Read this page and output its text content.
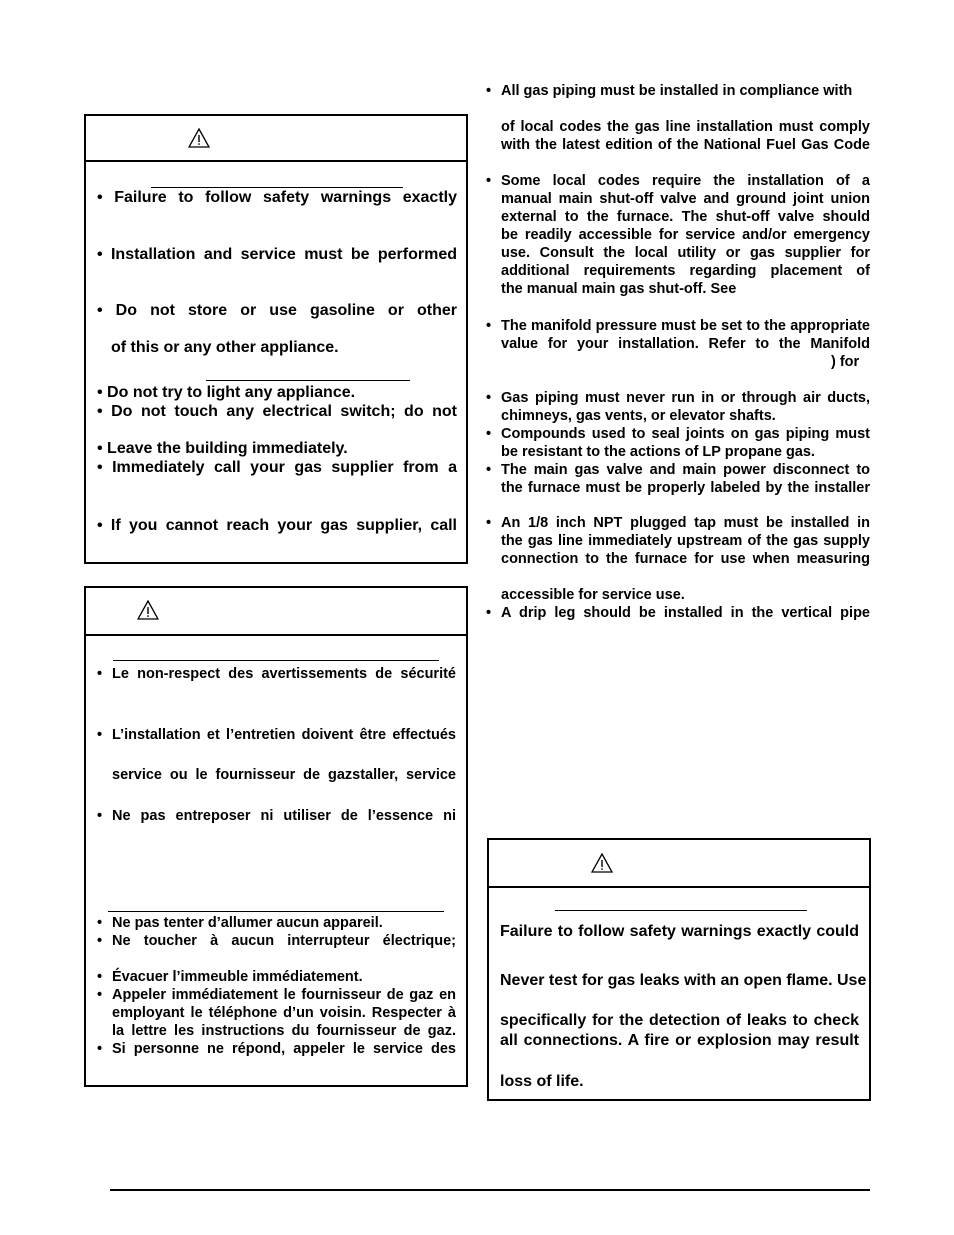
• Failure to follow safety warnings exactly
• Installation and service must be performed
• Do not store or use gasoline or other
of this or any other appliance.
• Do not try to light any appliance.
• Do not touch any electrical switch; do not
• Leave the building immediately.
• Immediately call your gas supplier from a
• If you cannot reach your gas supplier, call
• Le non-respect des avertissements de sécurité
• L’installation et l’entretien doivent être effectués
service ou le fournisseur de gazstaller, service
• Ne pas entreposer ni utiliser de l’essence ni
• Ne pas tenter d’allumer aucun appareil.
• Ne toucher à aucun interrupteur électrique;
• Évacuer l’immeuble immédiatement.
• Appeler immédiatement le fournisseur de gaz en
employant le téléphone d’un voisin. Respecter à
la lettre les instructions du fournisseur de gaz.
• Si personne ne répond, appeler le service des
• All gas piping must be installed in compliance with
of local codes the gas line installation must comply
with the latest edition of the National Fuel Gas Code
• Some local codes require the installation of a
manual main shut-off valve and ground joint union
external to the furnace. The shut-off valve should
be readily accessible for service and/or emergency
use. Consult the local utility or gas supplier for
additional requirements regarding placement of
the manual main gas shut-off. See
• The manifold pressure must be set to the appropriate
value for your installation. Refer to the Manifold
) for
• Gas piping must never run in or through air ducts,
chimneys, gas vents, or elevator shafts.
• Compounds used to seal joints on gas piping must
be resistant to the actions of LP propane gas.
• The main gas valve and main power disconnect to
the furnace must be properly labeled by the installer
• An 1/8 inch NPT plugged tap must be installed in
the gas line immediately upstream of the gas supply
connection to the furnace for use when measuring
accessible for service use.
• A drip leg should be installed in the vertical pipe
Failure to follow safety warnings exactly could
Never test for gas leaks with an open flame. Use
specifically for the detection of leaks to check
all connections. A fire or explosion may result
loss of life.
